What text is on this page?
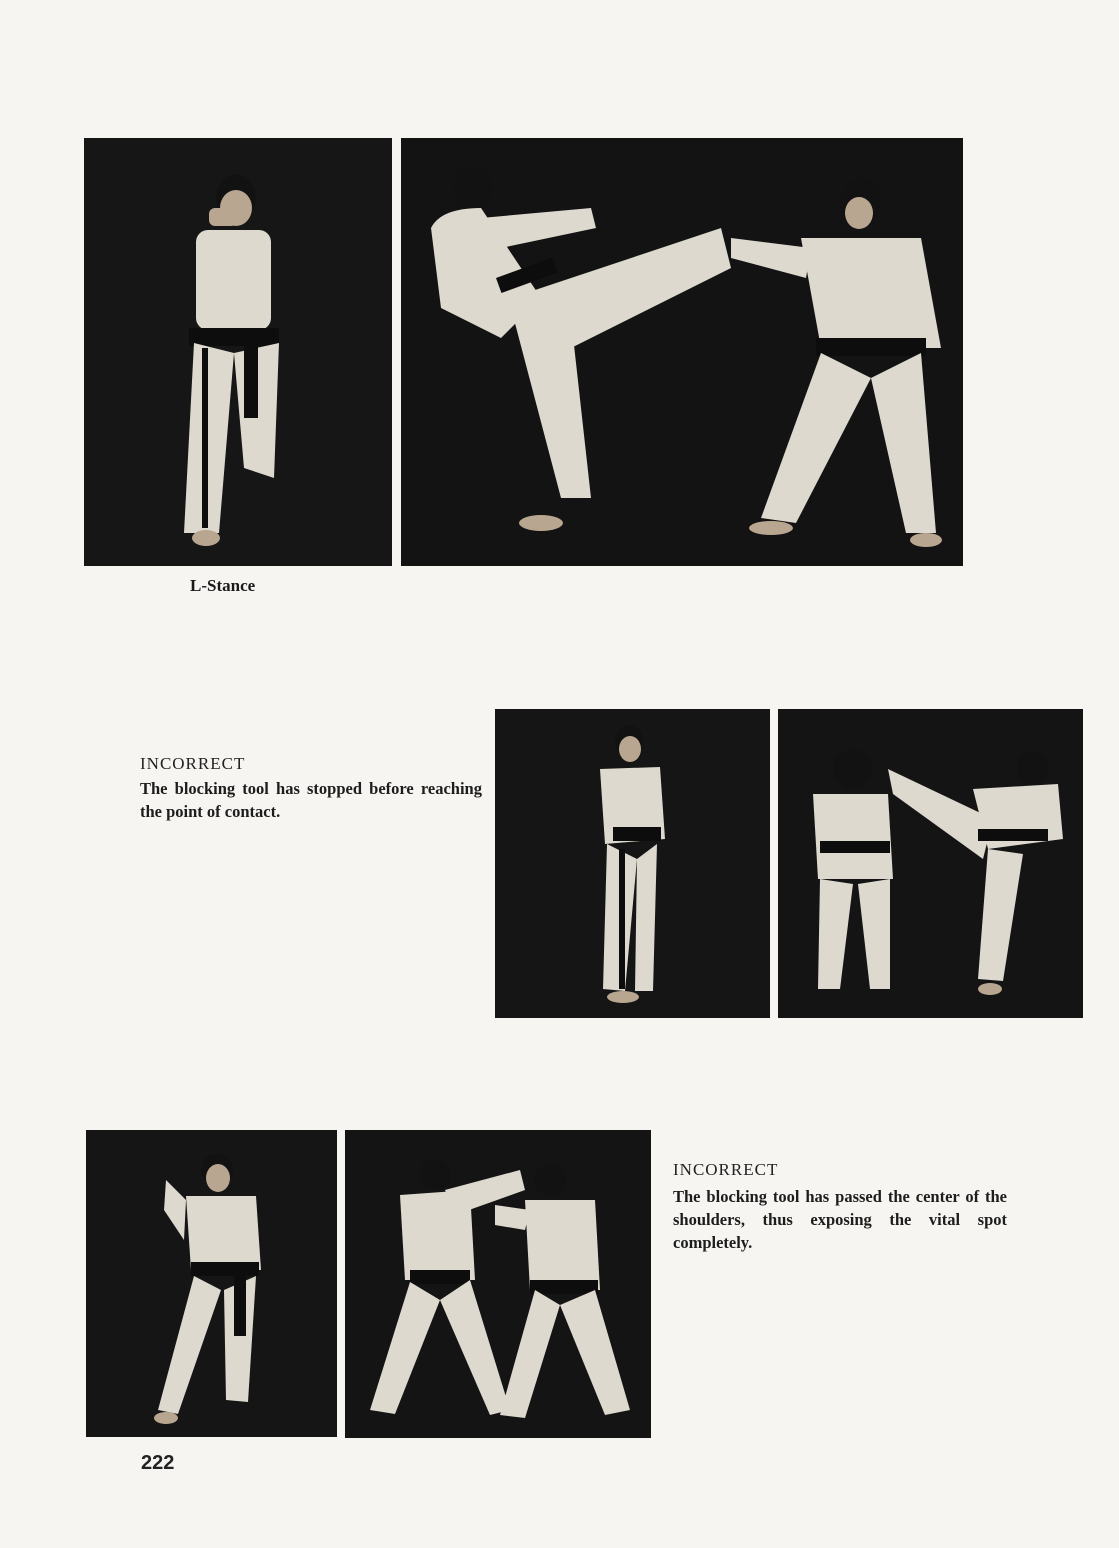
L-Stance
INCORRECT
The blocking tool has stopped before reaching the point of contact.
INCORRECT
The blocking tool has passed the center of the shoulders, thus exposing the vital spot completely.
222
